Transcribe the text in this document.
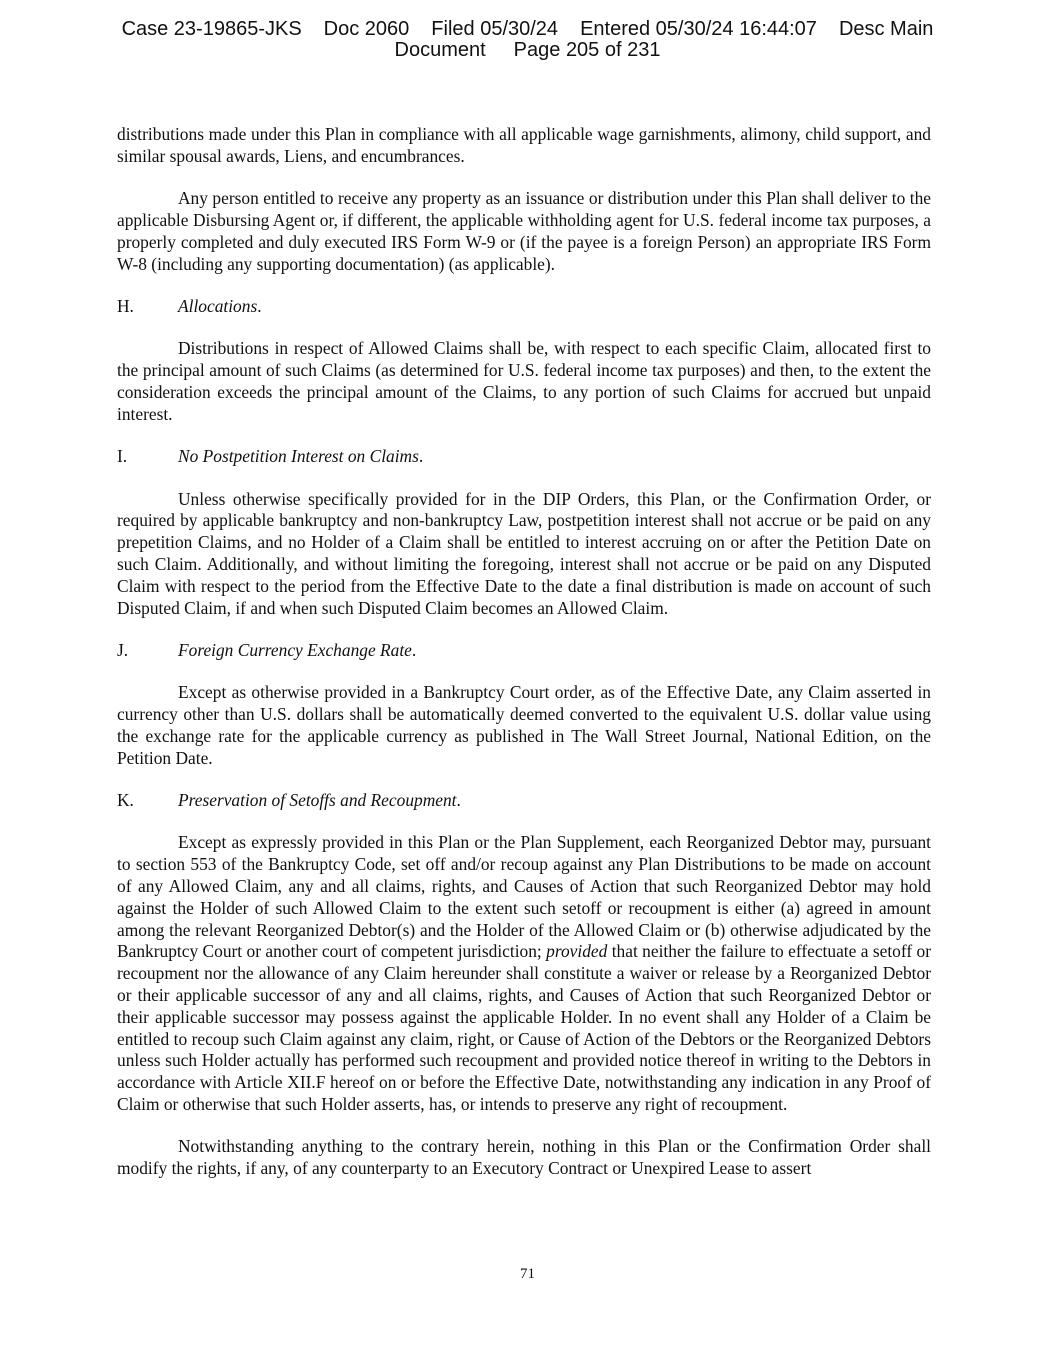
Case 23-19865-JKS Doc 2060 Filed 05/30/24 Entered 05/30/24 16:44:07 Desc Main
Document Page 205 of 231

distributions made under this Plan in compliance with all applicable wage garnishments, alimony, child support, and similar spousal awards, Liens, and encumbrances.

Any person entitled to receive any property as an issuance or distribution under this Plan shall deliver to the applicable Disbursing Agent or, if different, the applicable withholding agent for U.S. federal income tax purposes, a properly completed and duly executed IRS Form W-9 or (if the payee is a foreign Person) an appropriate IRS Form W-8 (including any supporting documentation) (as applicable).

H.	Allocations.

Distributions in respect of Allowed Claims shall be, with respect to each specific Claim, allocated first to the principal amount of such Claims (as determined for U.S. federal income tax purposes) and then, to the extent the consideration exceeds the principal amount of the Claims, to any portion of such Claims for accrued but unpaid interest.

I.	No Postpetition Interest on Claims.

Unless otherwise specifically provided for in the DIP Orders, this Plan, or the Confirmation Order, or required by applicable bankruptcy and non-bankruptcy Law, postpetition interest shall not accrue or be paid on any prepetition Claims, and no Holder of a Claim shall be entitled to interest accruing on or after the Petition Date on such Claim. Additionally, and without limiting the foregoing, interest shall not accrue or be paid on any Disputed Claim with respect to the period from the Effective Date to the date a final distribution is made on account of such Disputed Claim, if and when such Disputed Claim becomes an Allowed Claim.

J.	Foreign Currency Exchange Rate.

Except as otherwise provided in a Bankruptcy Court order, as of the Effective Date, any Claim asserted in currency other than U.S. dollars shall be automatically deemed converted to the equivalent U.S. dollar value using the exchange rate for the applicable currency as published in The Wall Street Journal, National Edition, on the Petition Date.

K.	Preservation of Setoffs and Recoupment.

Except as expressly provided in this Plan or the Plan Supplement, each Reorganized Debtor may, pursuant to section 553 of the Bankruptcy Code, set off and/or recoup against any Plan Distributions to be made on account of any Allowed Claim, any and all claims, rights, and Causes of Action that such Reorganized Debtor may hold against the Holder of such Allowed Claim to the extent such setoff or recoupment is either (a) agreed in amount among the relevant Reorganized Debtor(s) and the Holder of the Allowed Claim or (b) otherwise adjudicated by the Bankruptcy Court or another court of competent jurisdiction; provided that neither the failure to effectuate a setoff or recoupment nor the allowance of any Claim hereunder shall constitute a waiver or release by a Reorganized Debtor or their applicable successor of any and all claims, rights, and Causes of Action that such Reorganized Debtor or their applicable successor may possess against the applicable Holder. In no event shall any Holder of a Claim be entitled to recoup such Claim against any claim, right, or Cause of Action of the Debtors or the Reorganized Debtors unless such Holder actually has performed such recoupment and provided notice thereof in writing to the Debtors in accordance with Article XII.F hereof on or before the Effective Date, notwithstanding any indication in any Proof of Claim or otherwise that such Holder asserts, has, or intends to preserve any right of recoupment.

Notwithstanding anything to the contrary herein, nothing in this Plan or the Confirmation Order shall modify the rights, if any, of any counterparty to an Executory Contract or Unexpired Lease to assert

71
